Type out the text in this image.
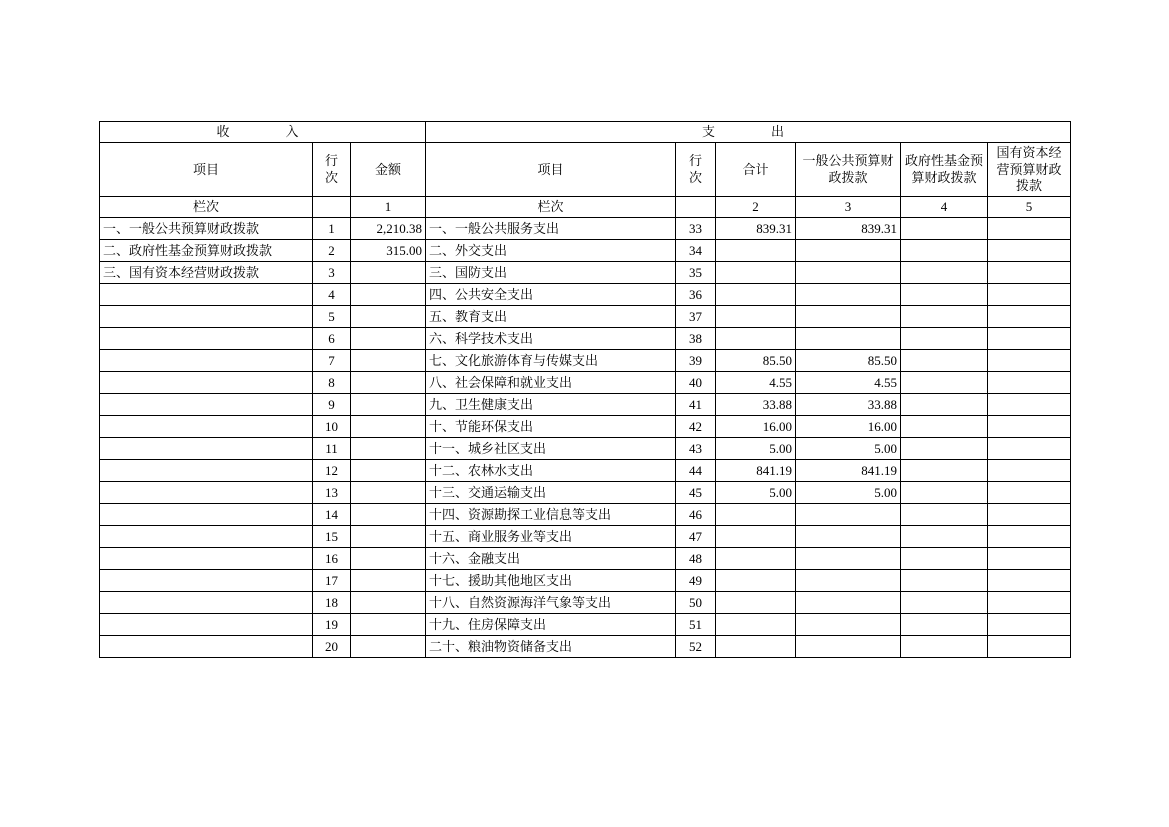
收　　入			支　　出					
项目	行次	金额	项目	行次	合计	一般公共预算财政拨款	政府性基金预算财政拨款	国有资本经营预算财政拨款
栏次		1	栏次		2	3	4	5
一、一般公共预算财政拨款	1	2,210.38	一、一般公共服务支出	33	839.31	839.31		
二、政府性基金预算财政拨款	2	315.00	二、外交支出	34				
三、国有资本经营财政拨款	3		三、国防支出	35				
	4		四、公共安全支出	36				
	5		五、教育支出	37				
	6		六、科学技术支出	38				
	7		七、文化旅游体育与传媒支出	39	85.50	85.50		
	8		八、社会保障和就业支出	40	4.55	4.55		
	9		九、卫生健康支出	41	33.88	33.88		
	10		十、节能环保支出	42	16.00	16.00		
	11		十一、城乡社区支出	43	5.00	5.00		
	12		十二、农林水支出	44	841.19	841.19		
	13		十三、交通运输支出	45	5.00	5.00		
	14		十四、资源勘探工业信息等支出	46				
	15		十五、商业服务业等支出	47				
	16		十六、金融支出	48				
	17		十七、援助其他地区支出	49				
	18		十八、自然资源海洋气象等支出	50				
	19		十九、住房保障支出	51				
	20		二十、粮油物资储备支出	52				
